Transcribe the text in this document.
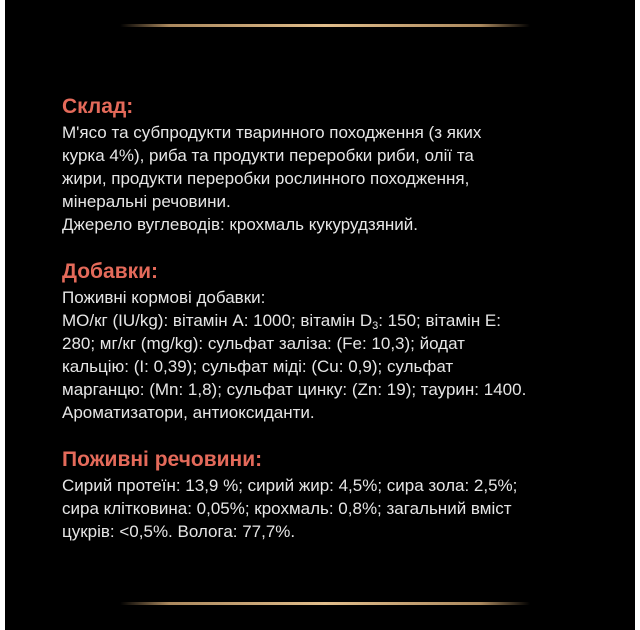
Склад:
М'ясо та субпродукти тваринного походження (з яких
курка 4%), риба та продукти переробки риби, олії та
жири, продукти переробки рослинного походження,
мінеральні речовини.
Джерело вуглеводів: крохмаль кукурудзяний.
Добавки:
Поживні кормові добавки:
МО/кг (IU/kg): вітамін А: 1000; вітамін $D_3$: 150; вітамін Е:
280; мг/кг (mg/kg): сульфат заліза: (Fe: 10,3); йодат
кальцію: (I: 0,39); сульфат міді: (Cu: 0,9); сульфат
марганцю: (Mn: 1,8); сульфат цинку: (Zn: 19); таурин: 1400.
Ароматизатори, антиоксиданти.
Поживні речовини:
Сирий протеїн: 13,9 %; сирий жир: 4,5%; сира зола: 2,5%;
сира клітковина: 0,05%; крохмаль: 0,8%; загальний вміст
цукрів: <0,5%. Волога: 77,7%.
